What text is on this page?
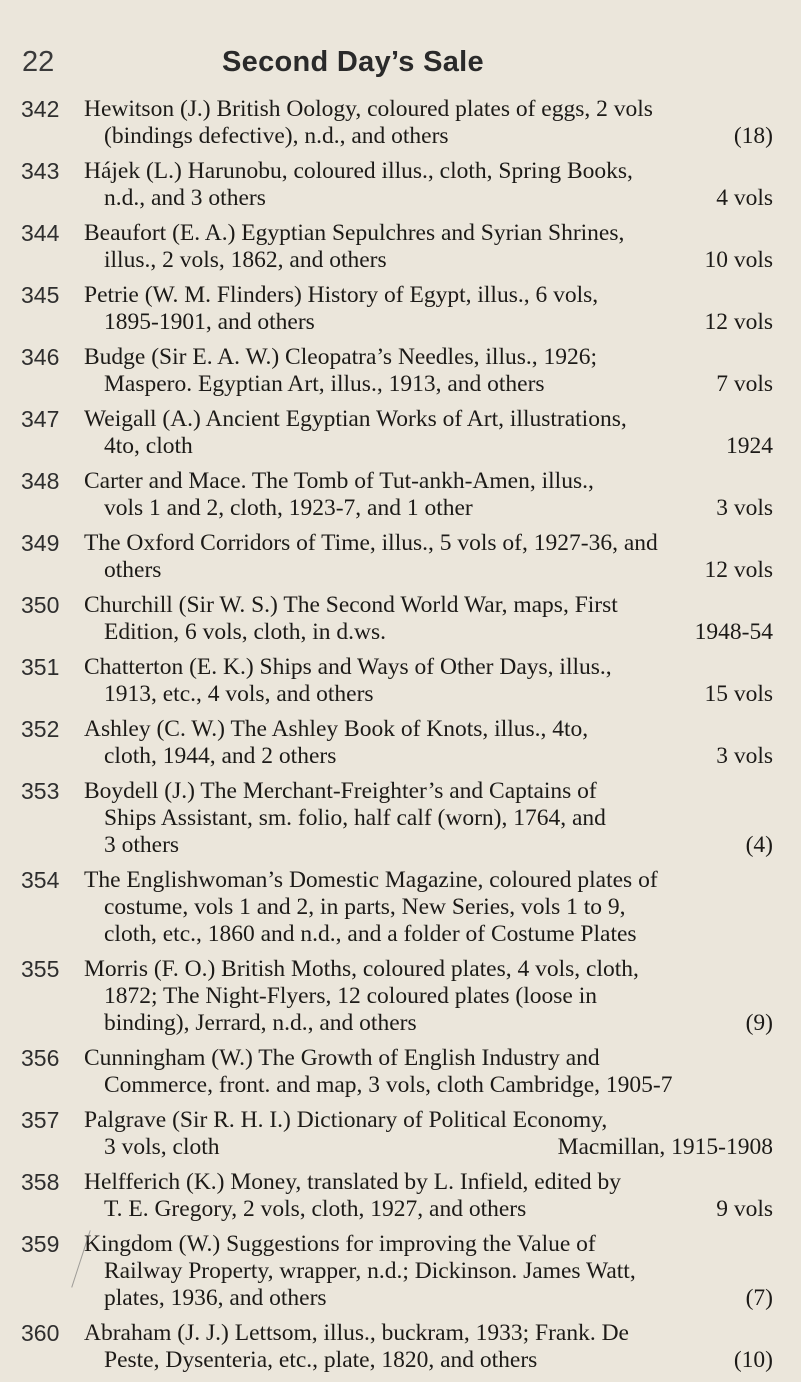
22	Second Day’s Sale
342 Hewitson (J.) British Oology, coloured plates of eggs, 2 vols
(bindings defective), n.d., and others	(18)
343 Hájek (L.) Harunobu, coloured illus., cloth, Spring Books,
n.d., and 3 others	4 vols
344 Beaufort (E. A.) Egyptian Sepulchres and Syrian Shrines,
illus., 2 vols, 1862, and others	10 vols
345 Petrie (W. M. Flinders) History of Egypt, illus., 6 vols,
1895-1901, and others	12 vols
346 Budge (Sir E. A. W.) Cleopatra’s Needles, illus., 1926;
Maspero. Egyptian Art, illus., 1913, and others	7 vols
347 Weigall (A.) Ancient Egyptian Works of Art, illustrations,
4to, cloth	1924
348 Carter and Mace. The Tomb of Tut-ankh-Amen, illus.,
vols 1 and 2, cloth, 1923-7, and 1 other	3 vols
349 The Oxford Corridors of Time, illus., 5 vols of, 1927-36, and
others	12 vols
350 Churchill (Sir W. S.) The Second World War, maps, First
Edition, 6 vols, cloth, in d.ws.	1948-54
351 Chatterton (E. K.) Ships and Ways of Other Days, illus.,
1913, etc., 4 vols, and others	15 vols
352 Ashley (C. W.) The Ashley Book of Knots, illus., 4to,
cloth, 1944, and 2 others	3 vols
353 Boydell (J.) The Merchant-Freighter’s and Captains of
Ships Assistant, sm. folio, half calf (worn), 1764, and
3 others	(4)
354 The Englishwoman’s Domestic Magazine, coloured plates of
costume, vols 1 and 2, in parts, New Series, vols 1 to 9,
cloth, etc., 1860 and n.d., and a folder of Costume Plates
355 Morris (F. O.) British Moths, coloured plates, 4 vols, cloth,
1872; The Night-Flyers, 12 coloured plates (loose in
binding), Jerrard, n.d., and others	(9)
356 Cunningham (W.) The Growth of English Industry and
Commerce, front. and map, 3 vols, cloth Cambridge, 1905-7
357 Palgrave (Sir R. H. I.) Dictionary of Political Economy,
3 vols, cloth	Macmillan, 1915-1908
358 Helfferich (K.) Money, translated by L. Infield, edited by
T. E. Gregory, 2 vols, cloth, 1927, and others	9 vols
359 Kingdom (W.) Suggestions for improving the Value of
Railway Property, wrapper, n.d.; Dickinson. James Watt,
plates, 1936, and others	(7)
360 Abraham (J. J.) Lettsom, illus., buckram, 1933; Frank. De
Peste, Dysenteria, etc., plate, 1820, and others	(10)
